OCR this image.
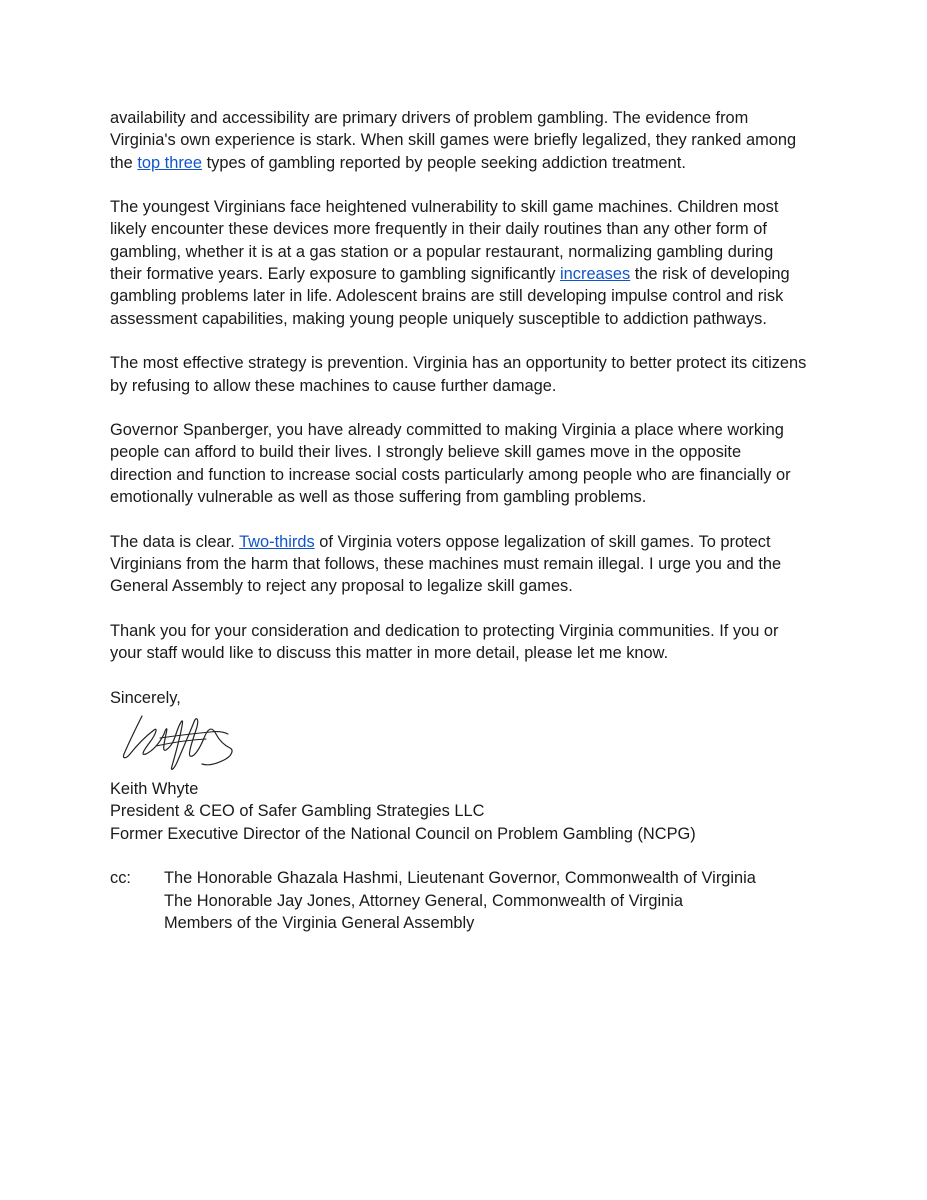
availability and accessibility are primary drivers of problem gambling. The evidence from
Virginia's own experience is stark. When skill games were briefly legalized, they ranked among
the top three types of gambling reported by people seeking addiction treatment.

The youngest Virginians face heightened vulnerability to skill game machines. Children most
likely encounter these devices more frequently in their daily routines than any other form of
gambling, whether it is at a gas station or a popular restaurant, normalizing gambling during
their formative years. Early exposure to gambling significantly increases the risk of developing
gambling problems later in life. Adolescent brains are still developing impulse control and risk
assessment capabilities, making young people uniquely susceptible to addiction pathways.

The most effective strategy is prevention. Virginia has an opportunity to better protect its citizens
by refusing to allow these machines to cause further damage.

Governor Spanberger, you have already committed to making Virginia a place where working
people can afford to build their lives. I strongly believe skill games move in the opposite
direction and function to increase social costs particularly among people who are financially or
emotionally vulnerable as well as those suffering from gambling problems.

The data is clear. Two-thirds of Virginia voters oppose legalization of skill games. To protect
Virginians from the harm that follows, these machines must remain illegal. I urge you and the
General Assembly to reject any proposal to legalize skill games.

Thank you for your consideration and dedication to protecting Virginia communities. If you or
your staff would like to discuss this matter in more detail, please let me know.

Sincerely,

Keith Whyte
President & CEO of Safer Gambling Strategies LLC
Former Executive Director of the National Council on Problem Gambling (NCPG)
cc: The Honorable Ghazala Hashmi, Lieutenant Governor, Commonwealth of Virginia
The Honorable Jay Jones, Attorney General, Commonwealth of Virginia
Members of the Virginia General Assembly
